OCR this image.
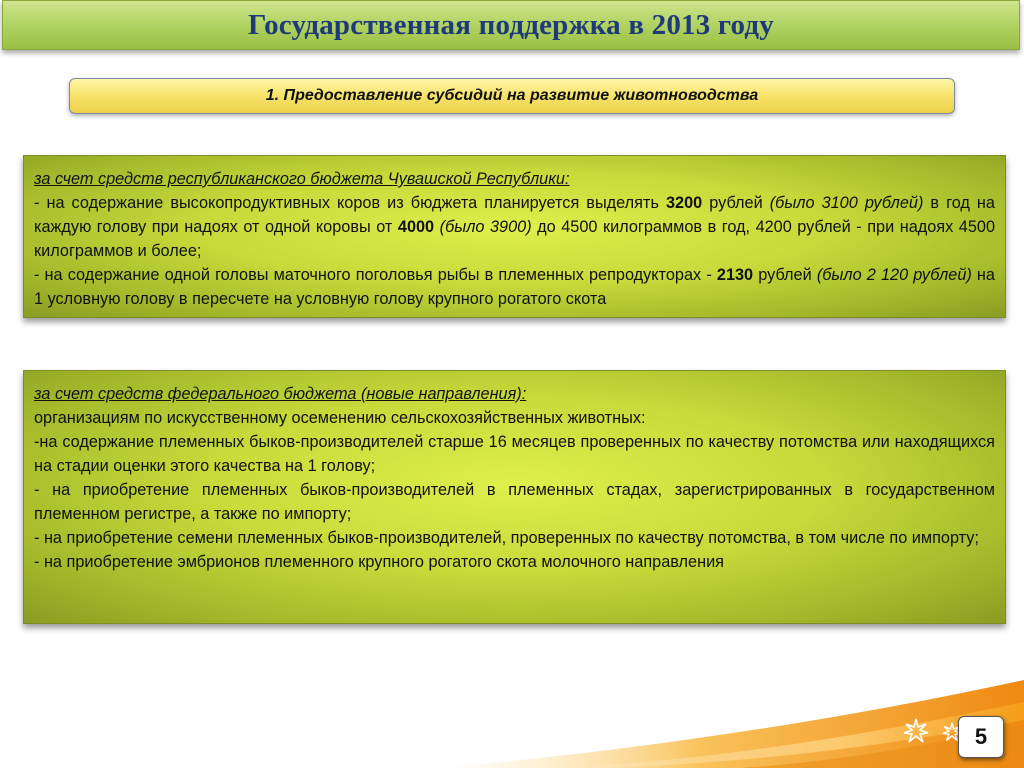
Государственная поддержка в 2013 году
1. Предоставление субсидий на развитие животноводства

за счет средств республиканского бюджета Чувашской Республики:

- на содержание высокопродуктивных коров из бюджета планируется выделять 3200 рублей (было 3100 рублей) в год на каждую голову при надоях от одной коровы от 4000 (было 3900) до 4500 килограммов в год, 4200 рублей - при надоях 4500 килограммов и более;

- на содержание одной головы маточного поголовья рыбы в племенных репродукторах - 2130 рублей (было 2 120 рублей) на 1 условную голову в пересчете на условную голову крупного рогатого скота

за счет средств федерального бюджета (новые направления):

организациям по искусственному осеменению сельскохозяйственных животных:

-на содержание племенных быков-производителей старше 16 месяцев проверенных по качеству потомства или находящихся на стадии оценки этого качества на 1 голову;

- на приобретение племенных быков-производителей в племенных стадах, зарегистрированных в государственном племенном регистре, а также по импорту;

- на приобретение семени племенных быков-производителей, проверенных по качеству потомства, в том числе по импорту;

- на приобретение эмбрионов племенного крупного рогатого скота молочного направления

5
